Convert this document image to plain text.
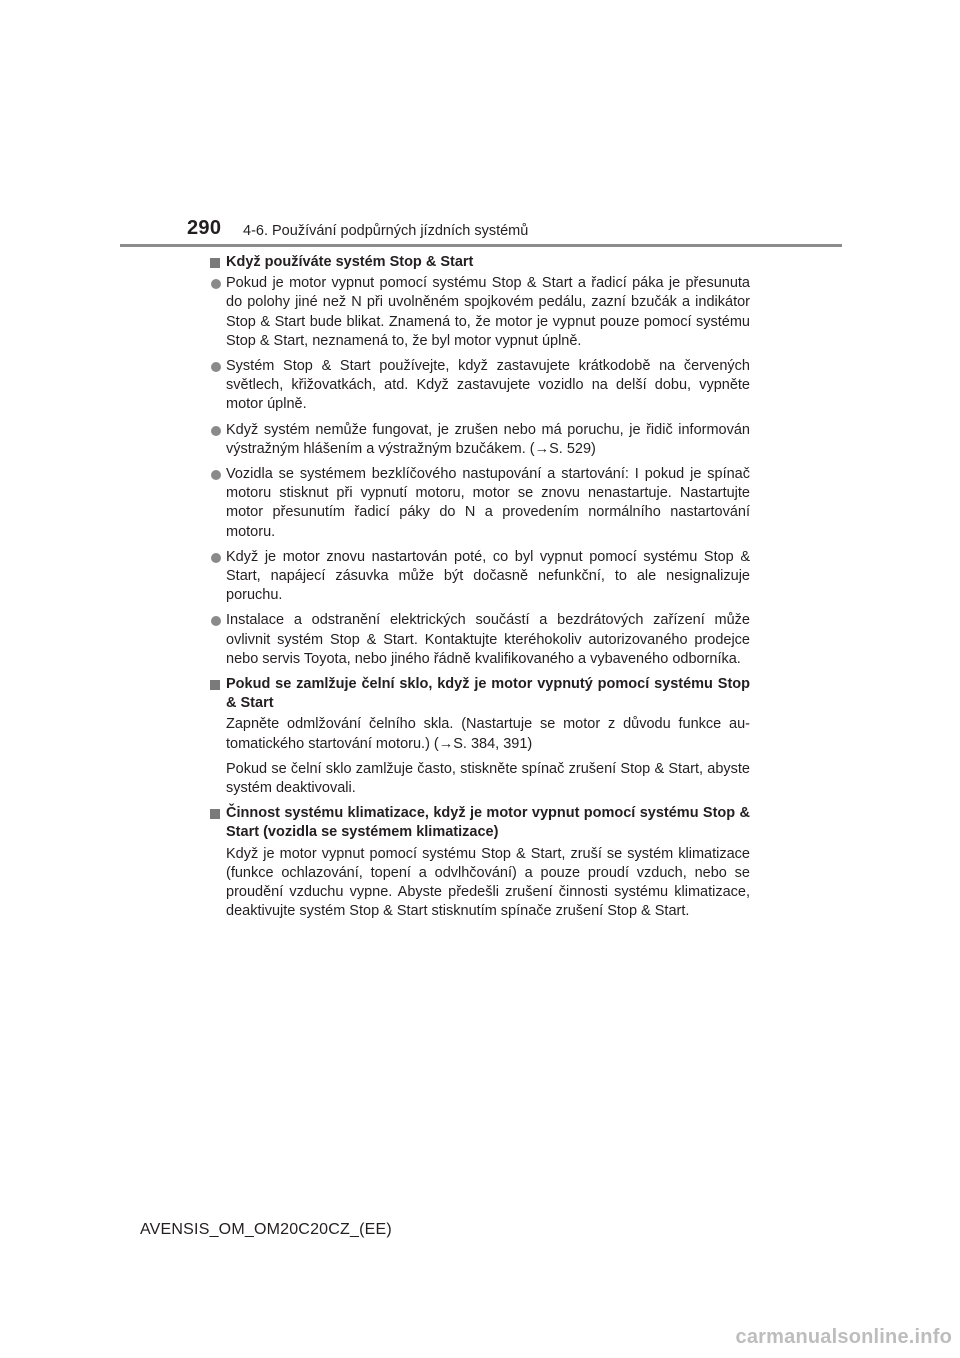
290 4-6. Používání podpůrných jízdních systémů
Když používáte systém Stop & Start
Pokud je motor vypnut pomocí systému Stop & Start a řadicí páka je přesunuta do polohy jiné než N při uvolněném spojkovém pedálu, zazní bzučák a indikátor Stop & Start bude blikat. Znamená to, že motor je vypnut pouze pomocí systému Stop & Start, neznamená to, že byl motor vypnut úplně.
Systém Stop & Start používejte, když zastavujete krátkodobě na červených světlech, křižovatkách, atd. Když zastavujete vozidlo na delší dobu, vypněte motor úplně.
Když systém nemůže fungovat, je zrušen nebo má poruchu, je řidič informován výstražným hlášením a výstražným bzučákem. (→S. 529)
Vozidla se systémem bezklíčového nastupování a startování: I pokud je spínač motoru stisknut při vypnutí motoru, motor se znovu nenastartuje. Nastartujte motor přesunutím řadicí páky do N a provedením normálního nastartování motoru.
Když je motor znovu nastartován poté, co byl vypnut pomocí systému Stop & Start, napájecí zásuvka může být dočasně nefunkční, to ale nesignalizuje poruchu.
Instalace a odstranění elektrických součástí a bezdrátových zařízení může ovlivnit systém Stop & Start. Kontaktujte kteréhokoliv autorizovaného prodejce nebo servis Toyota, nebo jiného řádně kvalifikovaného a vybaveného odborníka.
Pokud se zamlžuje čelní sklo, když je motor vypnutý pomocí systému Stop & Start
Zapněte odmlžování čelního skla. (Nastartuje se motor z důvodu funkce automatického startování motoru.) (→S. 384, 391)
Pokud se čelní sklo zamlžuje často, stiskněte spínač zrušení Stop & Start, abyste systém deaktivovali.
Činnost systému klimatizace, když je motor vypnut pomocí systému Stop & Start (vozidla se systémem klimatizace)
Když je motor vypnut pomocí systému Stop & Start, zruší se systém klimatizace (funkce ochlazování, topení a odvlhčování) a pouze proudí vzduch, nebo se proudění vzduchu vypne. Abyste předešli zrušení činnosti systému klimatizace, deaktivujte systém Stop & Start stisknutím spínače zrušení Stop & Start.
AVENSIS_OM_OM20C20CZ_(EE)
carmanualsonline.info
